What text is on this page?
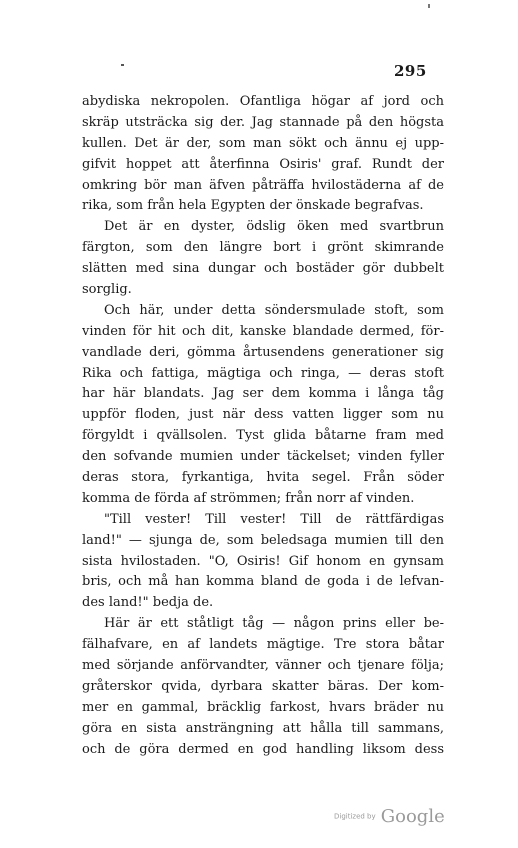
295
abydiska nekropolen. Ofantliga högar af jord och
skräp utsträcka sig der. Jag stannade på den högsta
kullen. Det är der, som man sökt och ännu ej upp-
gifvit hoppet att återfinna Osiris' graf. Rundt der
omkring bör man äfven påträffa hvilostäderna af de
rika, som från hela Egypten der önskade begrafvas.
Det är en dyster, ödslig öken med svartbrun
färgton, som den längre bort i grönt skimrande
slätten med sina dungar och bostäder gör dubbelt
sorglig.
Och här, under detta söndersmulade stoft, som
vinden för hit och dit, kanske blandade dermed, för-
vandlade deri, gömma årtusendens generationer sig
Rika och fattiga, mägtiga och ringa, — deras stoft
har här blandats. Jag ser dem komma i långa tåg
uppför floden, just när dess vatten ligger som nu
förgyldt i qvällsolen. Tyst glida båtarne fram med
den sofvande mumien under täckelset; vinden fyller
deras stora, fyrkantiga, hvita segel. Från söder
komma de förda af strömmen; från norr af vinden.
"Till vester! Till vester! Till de rättfärdigas
land!" — sjunga de, som beledsaga mumien till den
sista hvilostaden. "O, Osiris! Gif honom en gynsam
bris, och må han komma bland de goda i de lefvan-
des land!" bedja de.
Här är ett ståtligt tåg — någon prins eller be-
fälhafvare, en af landets mägtige. Tre stora båtar
med sörjande anförvandter, vänner och tjenare följa;
gråterskor qvida, dyrbara skatter bäras. Der kom-
mer en gammal, bräcklig farkost, hvars bräder nu
göra en sista ansträngning att hålla till sammans,
och de göra dermed en god handling liksom dess
Digitized by Google
